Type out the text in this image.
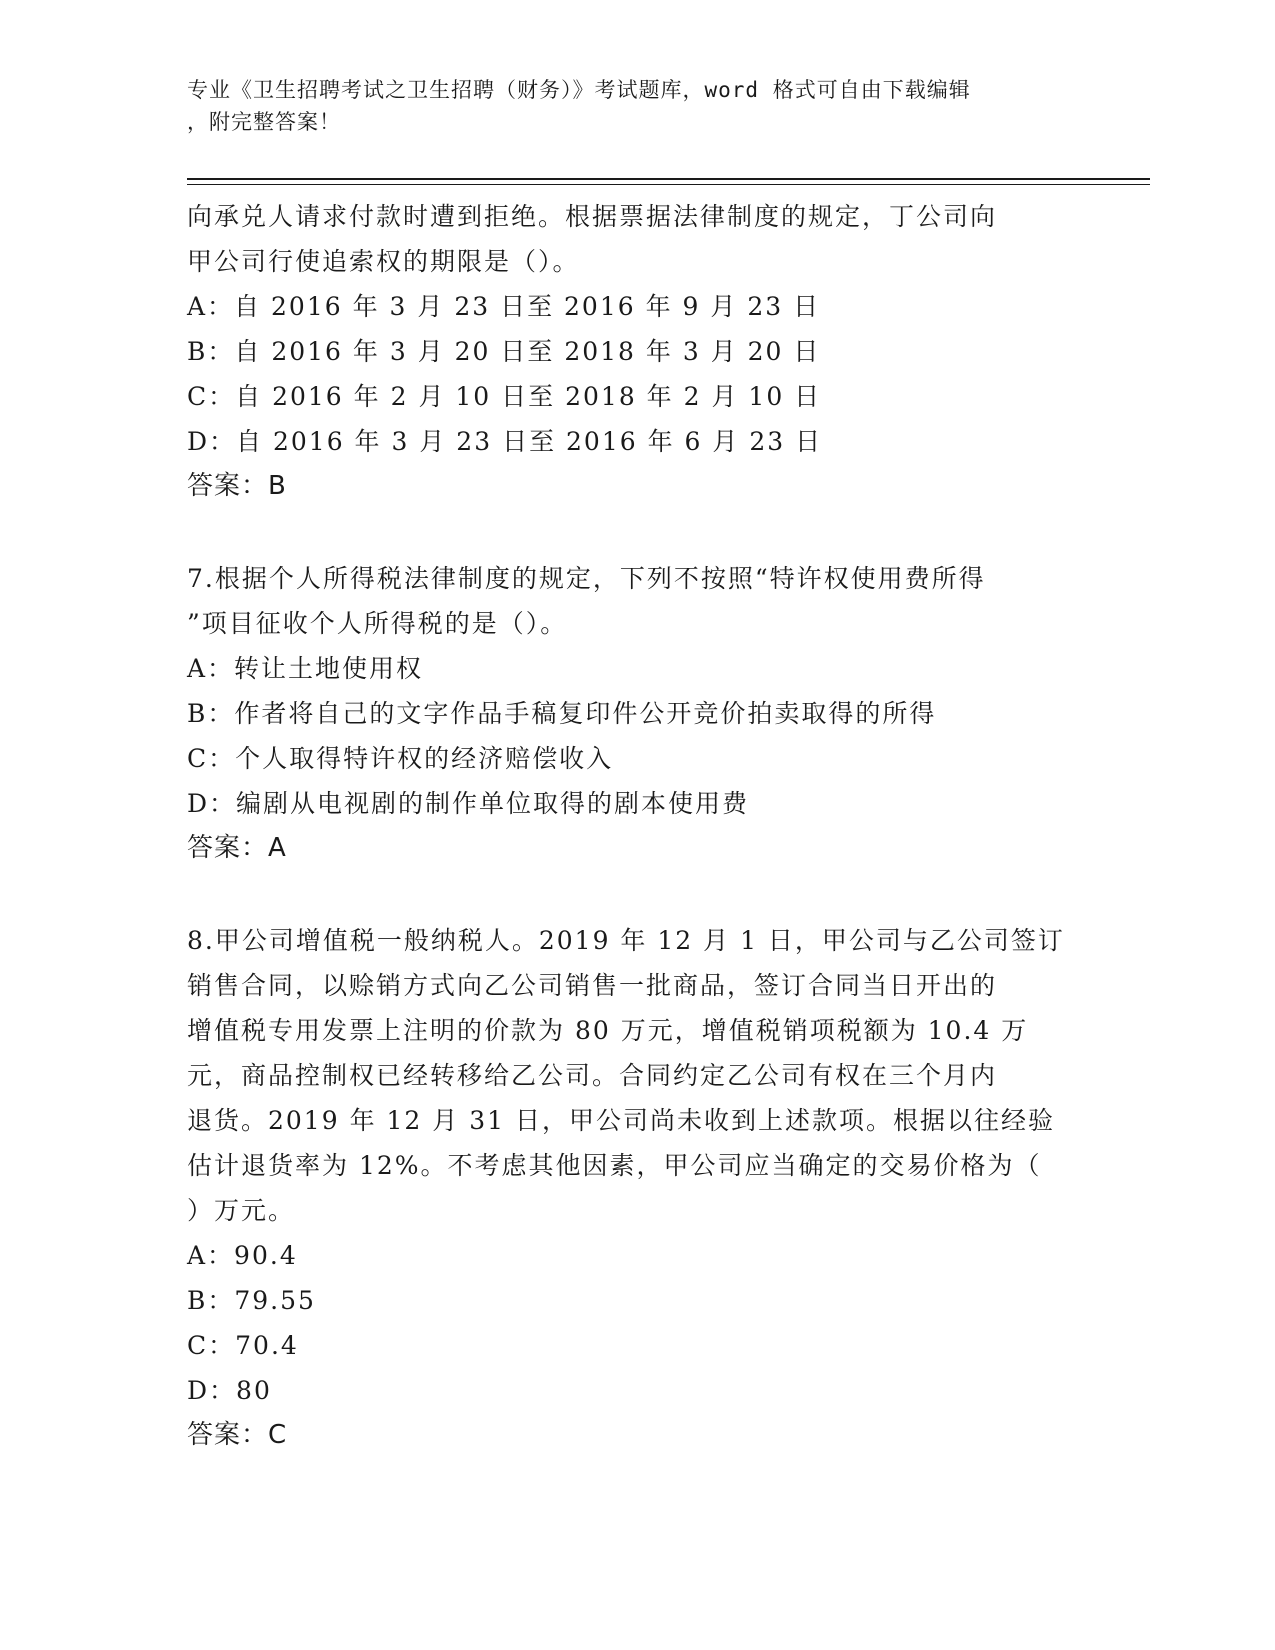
专业《卫生招聘考试之卫生招聘（财务）》考试题库，word 格式可自由下载编辑
，附完整答案！
向承兑人请求付款时遭到拒绝。根据票据法律制度的规定，丁公司向
甲公司行使追索权的期限是（）。
A：自 2016 年 3 月 23 日至 2016 年 9 月 23 日
B：自 2016 年 3 月 20 日至 2018 年 3 月 20 日
C：自 2016 年 2 月 10 日至 2018 年 2 月 10 日
D：自 2016 年 3 月 23 日至 2016 年 6 月 23 日
答案：B
7.根据个人所得税法律制度的规定，下列不按照“特许权使用费所得
”项目征收个人所得税的是（）。
A：转让土地使用权
B：作者将自己的文字作品手稿复印件公开竞价拍卖取得的所得
C：个人取得特许权的经济赔偿收入
D：编剧从电视剧的制作单位取得的剧本使用费
答案：A
8.甲公司增值税一般纳税人。2019 年 12 月 1 日，甲公司与乙公司签订
销售合同，以赊销方式向乙公司销售一批商品，签订合同当日开出的
增值税专用发票上注明的价款为 80 万元，增值税销项税额为 10.4 万
元，商品控制权已经转移给乙公司。合同约定乙公司有权在三个月内
退货。2019 年 12 月 31 日，甲公司尚未收到上述款项。根据以往经验
估计退货率为 12%。不考虑其他因素，甲公司应当确定的交易价格为（
）万元。
A：90.4
B：79.55
C：70.4
D：80
答案：C
